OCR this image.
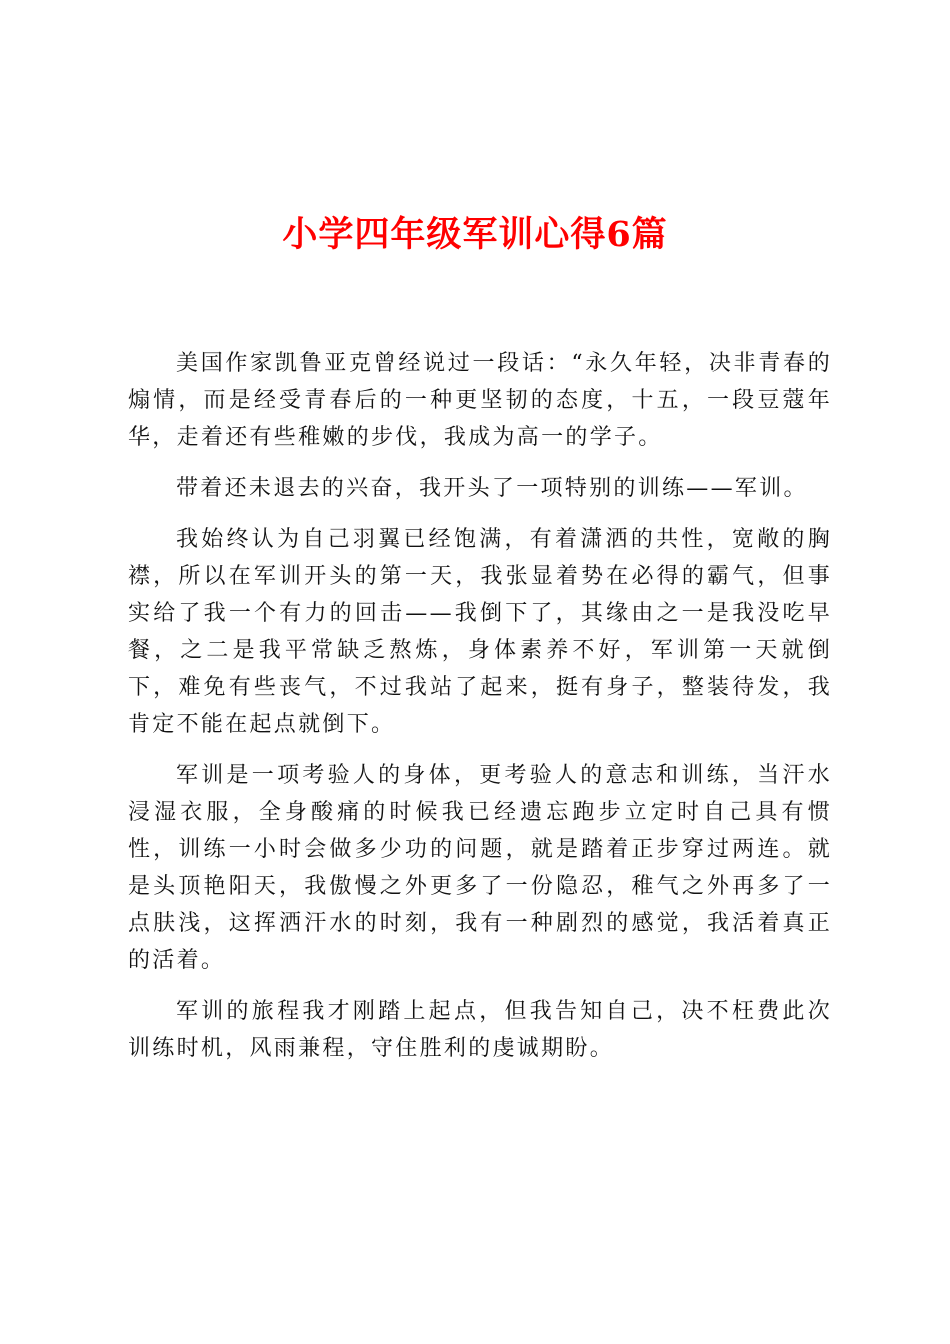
小学四年级军训心得6篇

美国作家凯鲁亚克曾经说过一段话：“永久年轻，决非青春的煽情，而是经受青春后的一种更坚韧的态度，十五，一段豆蔻年华，走着还有些稚嫩的步伐，我成为高一的学子。

带着还未退去的兴奋，我开头了一项特别的训练——军训。

我始终认为自己羽翼已经饱满，有着潇洒的共性，宽敞的胸襟，所以在军训开头的第一天，我张显着势在必得的霸气，但事实给了我一个有力的回击——我倒下了，其缘由之一是我没吃早餐，之二是我平常缺乏熬炼，身体素养不好，军训第一天就倒下，难免有些丧气，不过我站了起来，挺有身子，整装待发，我肯定不能在起点就倒下。

军训是一项考验人的身体，更考验人的意志和训练，当汗水浸湿衣服，全身酸痛的时候我已经遗忘跑步立定时自己具有惯性，训练一小时会做多少功的问题，就是踏着正步穿过两连。就是头顶艳阳天，我傲慢之外更多了一份隐忍，稚气之外再多了一点肤浅，这挥洒汗水的时刻，我有一种剧烈的感觉，我活着真正的活着。

军训的旅程我才刚踏上起点，但我告知自己，决不枉费此次训练时机，风雨兼程，守住胜利的虔诚期盼。
